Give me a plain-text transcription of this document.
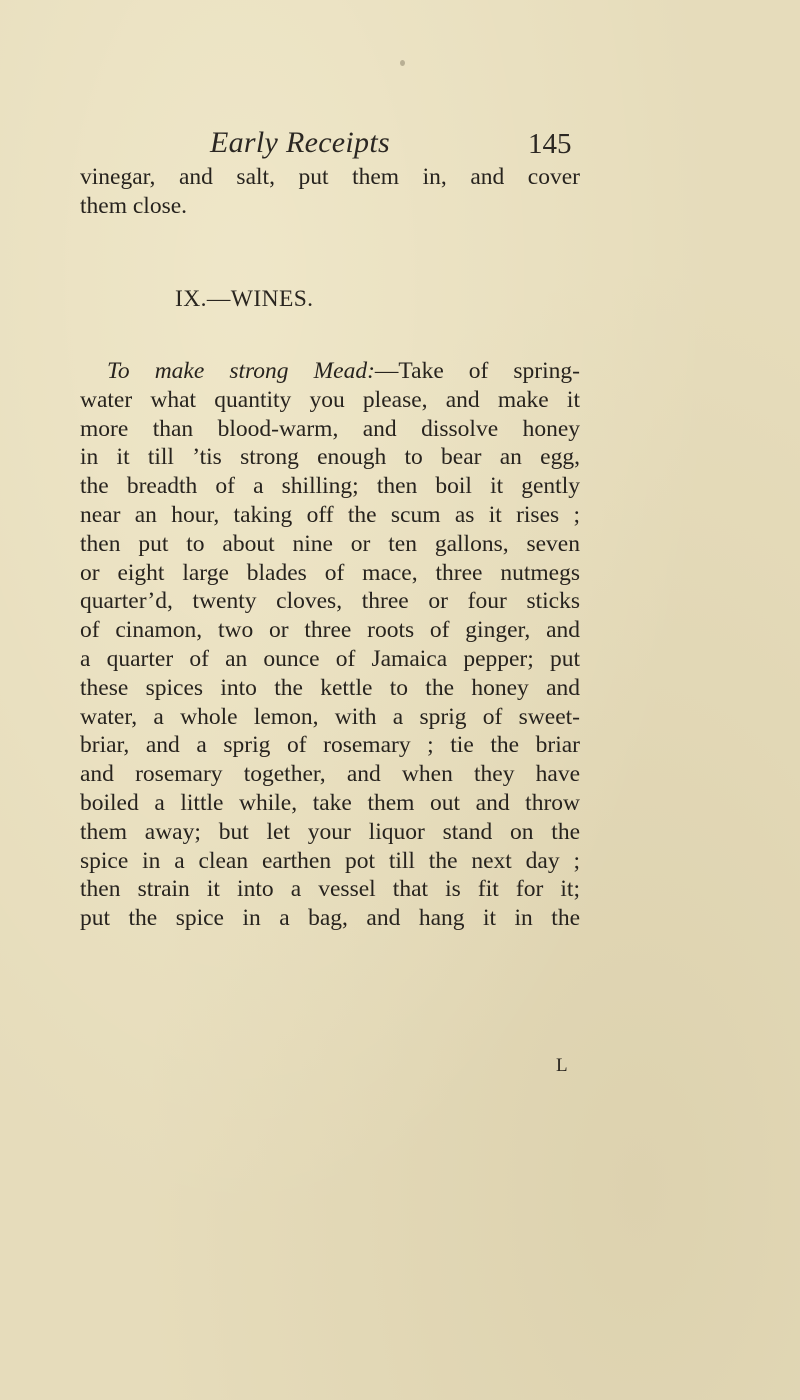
Early Receipts	145
vinegar, and salt, put them in, and cover
them close.
IX.—WINES.
To make strong Mead:—Take of spring-
water what quantity you please, and make it
more than blood-warm, and dissolve honey
in it till ’tis strong enough to bear an egg,
the breadth of a shilling; then boil it gently
near an hour, taking off the scum as it rises ;
then put to about nine or ten gallons, seven
or eight large blades of mace, three nutmegs
quarter’d, twenty cloves, three or four sticks
of cinamon, two or three roots of ginger, and
a quarter of an ounce of Jamaica pepper; put
these spices into the kettle to the honey and
water, a whole lemon, with a sprig of sweet-
briar, and a sprig of rosemary ; tie the briar
and rosemary together, and when they have
boiled a little while, take them out and throw
them away; but let your liquor stand on the
spice in a clean earthen pot till the next day ;
then strain it into a vessel that is fit for it;
put the spice in a bag, and hang it in the
L
